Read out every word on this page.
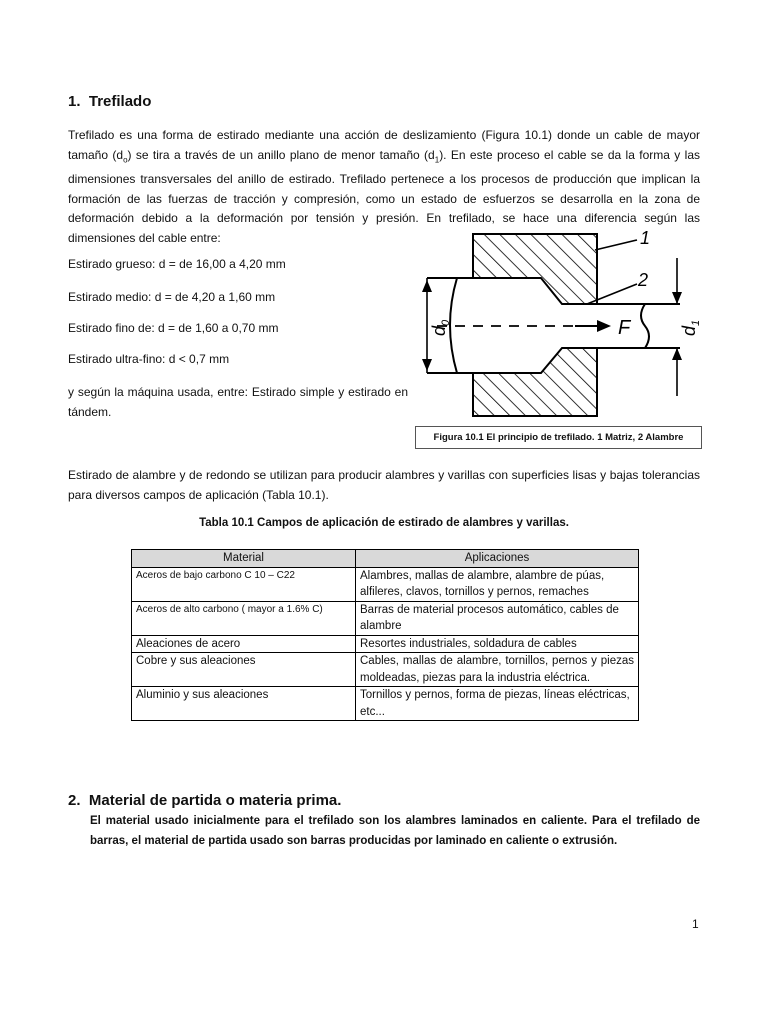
1. Trefilado

Trefilado es una forma de estirado mediante una acción de deslizamiento (Figura 10.1) donde un cable de mayor tamaño $(d_o)$ se tira a través de un anillo plano de menor tamaño $(d_1)$. En este proceso el cable se da la forma y las dimensiones transversales del anillo de estirado. Trefilado pertenece a los procesos de producción que implican la formación de las fuerzas de tracción y compresión, como un estado de esfuerzos se desarrolla en la zona de deformación debido a la deformación por tensión y presión. En trefilado, se hace una diferencia según las dimensiones del cable entre:

Estirado grueso: d = de 16,00 a 4,20 mm
Estirado medio: d = de 4,20 a 1,60 mm
Estirado fino de: d = de 1,60 a 0,70 mm
Estirado ultra-fino: d < 0,7 mm

y según la máquina usada, entre: Estirado simple y estirado en tándem.

1
2
F
$d_0$
$d_1$
Figura 10.1 El principio de trefilado. 1 Matriz, 2 Alambre

Estirado de alambre y de redondo se utilizan para producir alambres y varillas con superficies lisas y bajas tolerancias para diversos campos de aplicación (Tabla 10.1).

Tabla 10.1 Campos de aplicación de estirado de alambres y varillas.
Material	Aplicaciones
Aceros de bajo carbono C 10 – C22	Alambres, mallas de alambre, alambre de púas, alfileres, clavos, tornillos y pernos, remaches
Aceros de alto carbono ( mayor a 1.6% C)	Barras de material procesos automático, cables de alambre
Aleaciones de acero	Resortes industriales, soldadura de cables
Cobre y sus aleaciones	Cables, mallas de alambre, tornillos, pernos y piezas moldeadas, piezas para la industria eléctrica.
Aluminio y sus aleaciones	Tornillos y pernos, forma de piezas, líneas eléctricas, etc...
2. Material de partida o materia prima.

El material usado inicialmente para el trefilado son los alambres laminados en caliente. Para el trefilado de barras, el material de partida usado son barras producidas por laminado en caliente o extrusión.

1
